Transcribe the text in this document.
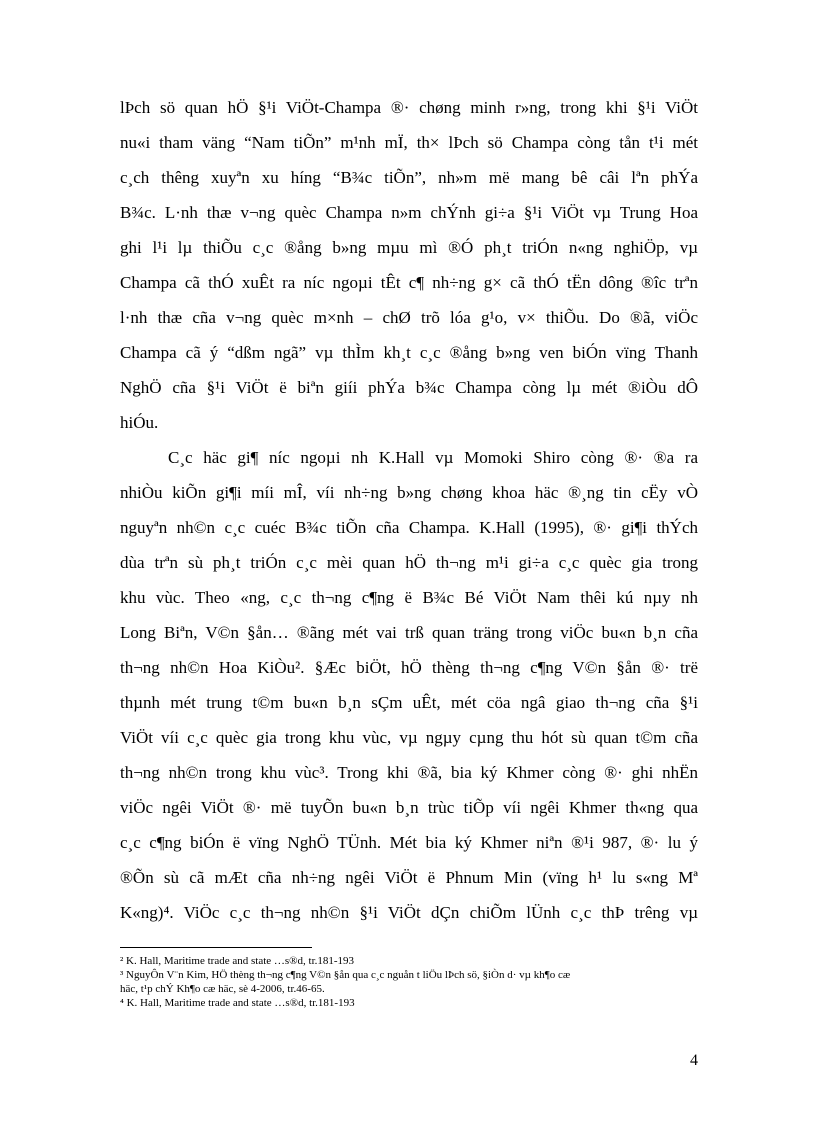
lÞch sö quan hÖ §¹i ViÖt-Champa ®· chøng minh r»ng, trong khi §¹i ViÖt
nu«i tham väng “Nam tiÕn” m¹nh mÏ, th× lÞch sö Champa còng tån t¹i mét
c¸ch thêng xuyªn xu híng “B¾c tiÕn”, nh»m më mang bê câi lªn phÝa
B¾c. L·nh thæ v¬ng quèc Champa n»m chÝnh gi÷a §¹i ViÖt vµ Trung Hoa
ghi l¹i lµ thiÕu c¸c ®ång b»ng mµu mì ®Ó ph¸t triÓn n«ng nghiÖp, vµ
Champa cã thÓ xuÊt ra níc ngoµi tÊt c¶ nh÷ng g× cã thÓ tËn dông ®îc trªn
l·nh thæ cña v¬ng quèc m×nh – chØ trõ lóa g¹o, v× thiÕu. Do ®ã, viÖc
Champa cã ý “dßm ngã” vµ thÌm kh¸t c¸c ®ång b»ng ven biÓn vïng Thanh
NghÖ cña §¹i ViÖt ë biªn giíi phÝa b¾c Champa còng lµ mét ®iÒu dÔ
hiÓu.
C¸c häc gi¶ níc ngoµi nh K.Hall vµ Momoki Shiro còng ®· ®a ra
nhiÒu kiÕn gi¶i míi mÎ, víi nh÷ng b»ng chøng khoa häc ®¸ng tin cËy vÒ
nguyªn nh©n c¸c cuéc B¾c tiÕn cña Champa. K.Hall (1995), ®· gi¶i thÝch
dùa trªn sù ph¸t triÓn c¸c mèi quan hÖ th¬ng m¹i gi÷a c¸c quèc gia trong
khu vùc. Theo «ng, c¸c th¬ng c¶ng ë B¾c Bé ViÖt Nam thêi kú nµy nh
Long Biªn, V©n §ån… ®ãng mét vai trß quan träng trong viÖc bu«n b¸n cña
th¬ng nh©n Hoa KiÒu². §Æc biÖt, hÖ thèng th¬ng c¶ng V©n §ån ®· trë
thµnh mét trung t©m bu«n b¸n sÇm uÊt, mét cöa ngâ giao th¬ng cña §¹i
ViÖt víi c¸c quèc gia trong khu vùc, vµ ngµy cµng thu hót sù quan t©m cña
th¬ng nh©n trong khu vùc³. Trong khi ®ã, bia ký Khmer còng ®· ghi nhËn
viÖc ngêi ViÖt ®· më tuyÕn bu«n b¸n trùc tiÕp víi ngêi Khmer th«ng qua
c¸c c¶ng biÓn ë vïng NghÖ TÜnh. Mét bia ký Khmer niªn ®¹i 987, ®· lu ý
®Õn sù cã mÆt cña nh÷ng ngêi ViÖt ë Phnum Min (vïng h¹ lu s«ng Mª
K«ng)⁴. ViÖc c¸c th¬ng nh©n §¹i ViÖt dÇn chiÕm lÜnh c¸c thÞ trêng vµ
² K. Hall, Maritime trade and state …s®d, tr.181-193
³ NguyÔn V¨n Kim, HÖ thèng th¬ng c¶ng V©n §ån qua c¸c nguån t liÖu lÞch sö, §iÒn d· vµ kh¶o cæ
häc, t¹p chÝ Kh¶o cæ häc, sè 4-2006, tr.46-65.
⁴ K. Hall, Maritime trade and state …s®d, tr.181-193
4
